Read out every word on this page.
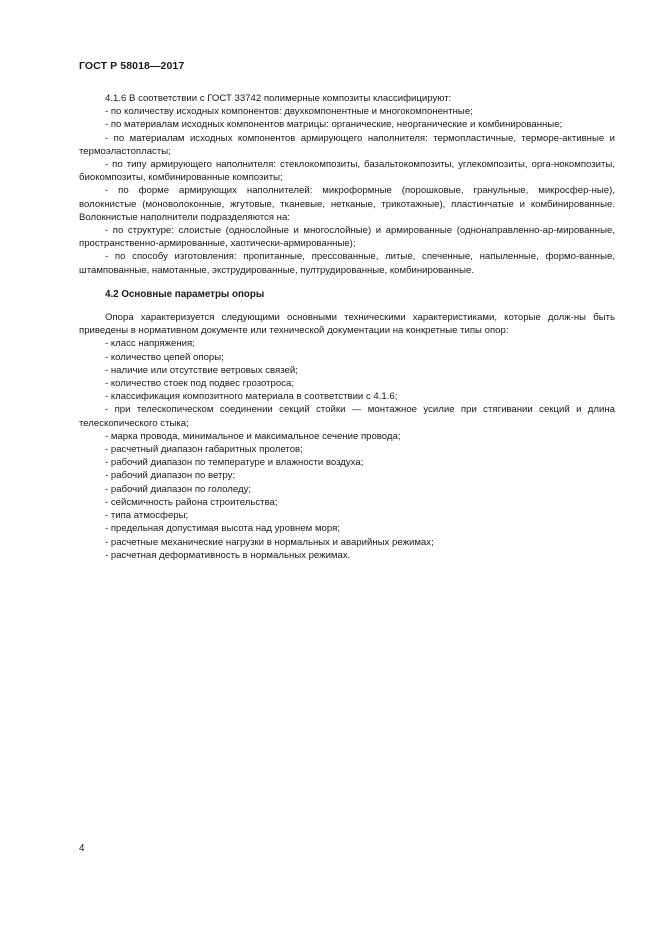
ГОСТ Р 58018—2017

4.1.6 В соответствии с ГОСТ 33742 полимерные композиты классифицируют:

- по количеству исходных компонентов: двухкомпонентные и многокомпонентные;

- по материалам исходных компонентов матрицы: органические, неорганические и комбинированные;

- по материалам исходных компонентов армирующего наполнителя: термопластичные, терморе-активные и термоэластопласты;

- по типу армирующего наполнителя: стеклокомпозиты, базальтокомпозиты, углекомпозиты, орга-нокомпозиты, биокомпозиты, комбинированные композиты;

- по форме армирующих наполнителей: микроформные (порошковые, гранульные, микросфер-ные), волокнистые (моноволоконные, жгутовые, тканевые, нетканые, трикотажные), пластинчатые и комбинированные. Волокнистые наполнители подразделяются на:

- по структуре: слоистые (однослойные и многослойные) и армированные (однонаправленно-ар-мированные, пространственно-армированные, хаотически-армированные);

- по способу изготовления: пропитанные, прессованные, литые, спеченные, напыленные, формо-ванные, штампованные, намотанные, экструдированные, пултрудированные, комбинированные.

4.2 Основные параметры опоры

Опора характеризуется следующими основными техническими характеристиками, которые долж-ны быть приведены в нормативном документе или технической документации на конкретные типы опор:

- класс напряжения;

- количество цепей опоры;

- наличие или отсутствие ветровых связей;

- количество стоек под подвес грозотроса;

- классификация композитного материала в соответствии с 4.1.6;

- при телескопическом соединении секций стойки — монтажное усилие при стягивании секций и длина телескопического стыка;

- марка провода, минимальное и максимальное сечение провода;

- расчетный диапазон габаритных пролетов;

- рабочий диапазон по температуре и влажности воздуха;

- рабочий диапазон по ветру;

- рабочий диапазон по гололеду;

- сейсмичность района строительства;

- типа атмосферы;

- предельная допустимая высота над уровнем моря;

- расчетные механические нагрузки в нормальных и аварийных режимах;

- расчетная деформативность в нормальных режимах.

4
